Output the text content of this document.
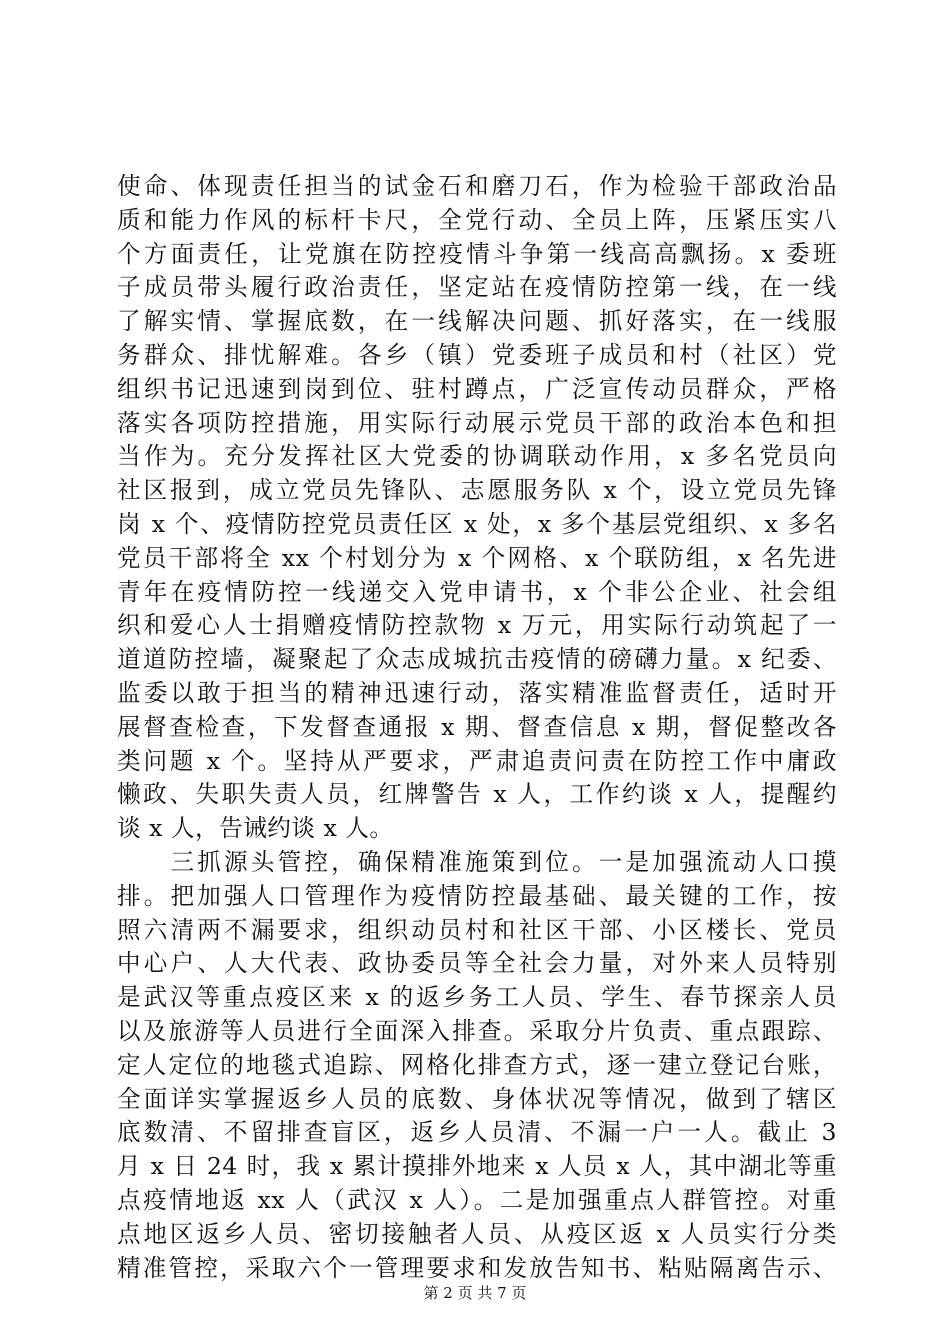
使命、体现责任担当的试金石和磨刀石，作为检验干部政治品
质和能力作风的标杆卡尺，全党行动、全员上阵，压紧压实八
个方面责任，让党旗在防控疫情斗争第一线高高飘扬。x 委班
子成员带头履行政治责任，坚定站在疫情防控第一线，在一线
了解实情、掌握底数，在一线解决问题、抓好落实，在一线服
务群众、排忧解难。各乡（镇）党委班子成员和村（社区）党
组织书记迅速到岗到位、驻村蹲点，广泛宣传动员群众，严格
落实各项防控措施，用实际行动展示党员干部的政治本色和担
当作为。充分发挥社区大党委的协调联动作用，x 多名党员向
社区报到，成立党员先锋队、志愿服务队 x 个，设立党员先锋
岗 x 个、疫情防控党员责任区 x 处，x 多个基层党组织、x 多名
党员干部将全 xx 个村划分为 x 个网格、x 个联防组，x 名先进
青年在疫情防控一线递交入党申请书，x 个非公企业、社会组
织和爱心人士捐赠疫情防控款物 x 万元，用实际行动筑起了一
道道防控墙，凝聚起了众志成城抗击疫情的磅礴力量。x 纪委、
监委以敢于担当的精神迅速行动，落实精准监督责任，适时开
展督查检查，下发督查通报 x 期、督查信息 x 期，督促整改各
类问题 x 个。坚持从严要求，严肃追责问责在防控工作中庸政
懒政、失职失责人员，红牌警告 x 人，工作约谈 x 人，提醒约
谈 x 人，告诫约谈 x 人。
　　三抓源头管控，确保精准施策到位。一是加强流动人口摸
排。把加强人口管理作为疫情防控最基础、最关键的工作，按
照六清两不漏要求，组织动员村和社区干部、小区楼长、党员
中心户、人大代表、政协委员等全社会力量，对外来人员特别
是武汉等重点疫区来 x 的返乡务工人员、学生、春节探亲人员
以及旅游等人员进行全面深入排查。采取分片负责、重点跟踪、
定人定位的地毯式追踪、网格化排查方式，逐一建立登记台账，
全面详实掌握返乡人员的底数、身体状况等情况，做到了辖区
底数清、不留排查盲区，返乡人员清、不漏一户一人。截止 3
月 x 日 24 时，我 x 累计摸排外地来 x 人员 x 人，其中湖北等重
点疫情地返 xx 人（武汉 x 人）。二是加强重点人群管控。对重
点地区返乡人员、密切接触者人员、从疫区返 x 人员实行分类
精准管控，采取六个一管理要求和发放告知书、粘贴隔离告示、
第 2 页 共 7 页
